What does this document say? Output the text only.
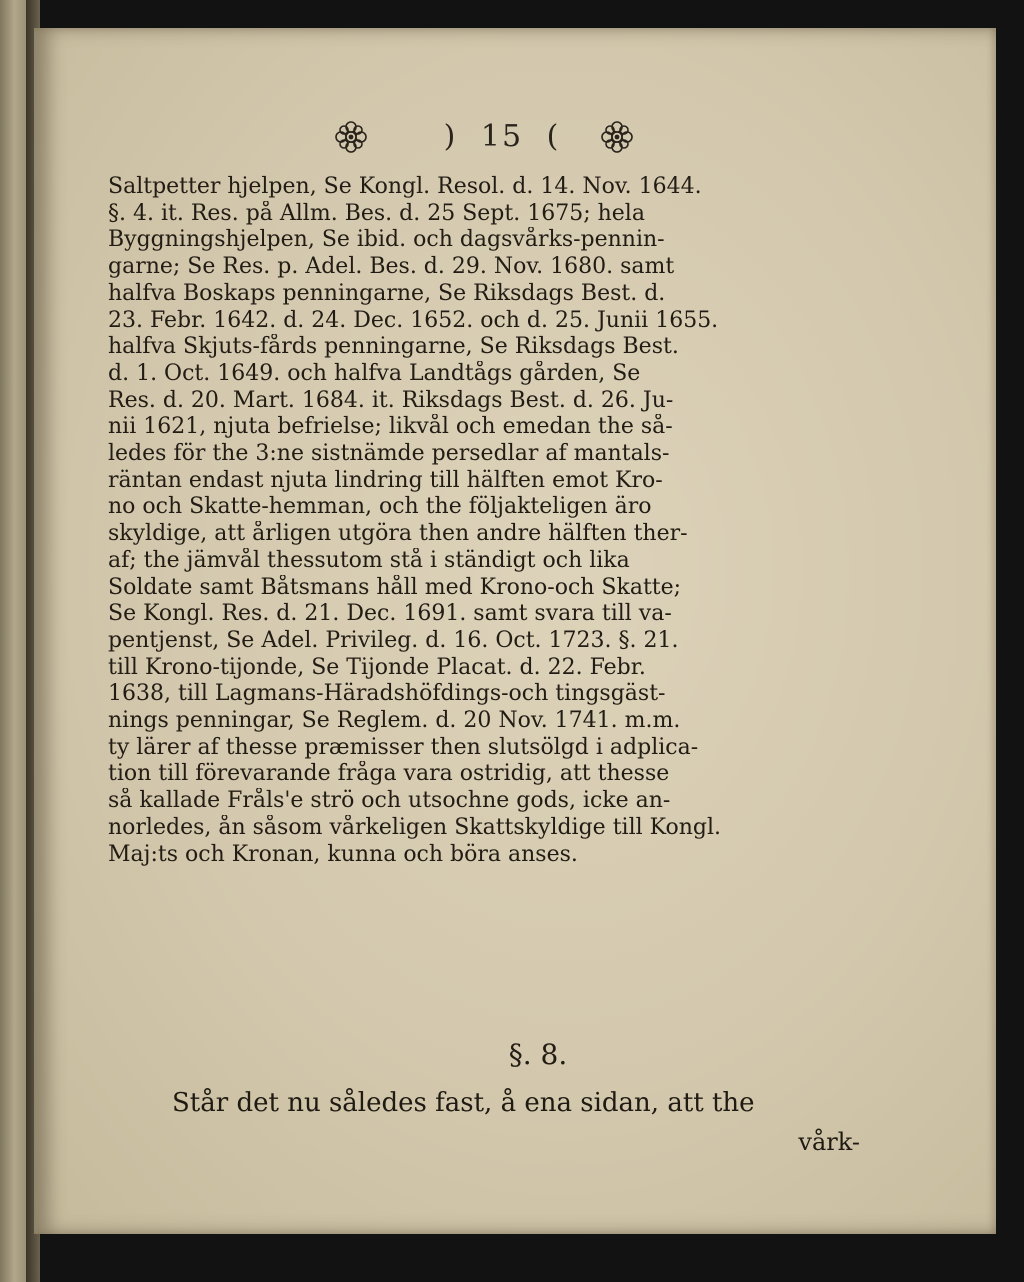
) 15 (
Saltpetter hjelpen, Se Kongl. Resol. d. 14. Nov. 1644.
§. 4. it. Res. på Allm. Bes. d. 25 Sept. 1675; hela
Byggningshjelpen, Se ibid. och dagsvårks-pennin-
garne; Se Res. p. Adel. Bes. d. 29. Nov. 1680. samt
halfva Boskaps penningarne, Se Riksdags Best. d.
23. Febr. 1642. d. 24. Dec. 1652. och d. 25. Junii 1655.
halfva Skjuts-fårds penningarne, Se Riksdags Best.
d. 1. Oct. 1649. och halfva Landtågs gården, Se
Res. d. 20. Mart. 1684. it. Riksdags Best. d. 26. Ju-
nii 1621, njuta befrielse; likvål och emedan the så-
ledes för the 3:ne sistnämde persedlar af mantals-
räntan endast njuta lindring till hälften emot Kro-
no och Skatte-hemman, och the följakteligen äro
skyldige, att årligen utgöra then andre hälften ther-
af; the jämvål thessutom stå i ständigt och lika
Soldate samt Båtsmans håll med Krono-och Skatte;
Se Kongl. Res. d. 21. Dec. 1691. samt svara till va-
pentjenst, Se Adel. Privileg. d. 16. Oct. 1723. §. 21.
till Krono-tijonde, Se Tijonde Placat. d. 22. Febr.
1638, till Lagmans-Häradshöfdings-och tingsgäst-
nings penningar, Se Reglem. d. 20 Nov. 1741. m.m.
ty lärer af thesse præmisser then slutsölgd i adplica-
tion till förevarande fråga vara ostridig, att thesse
så kallade Fråls'e strö och utsochne gods, icke an-
norledes, ån såsom vårkeligen Skattskyldige till Kongl.
Maj:ts och Kronan, kunna och böra anses.
§. 8.
Står det nu således fast, å ena sidan, att the
vårk-
